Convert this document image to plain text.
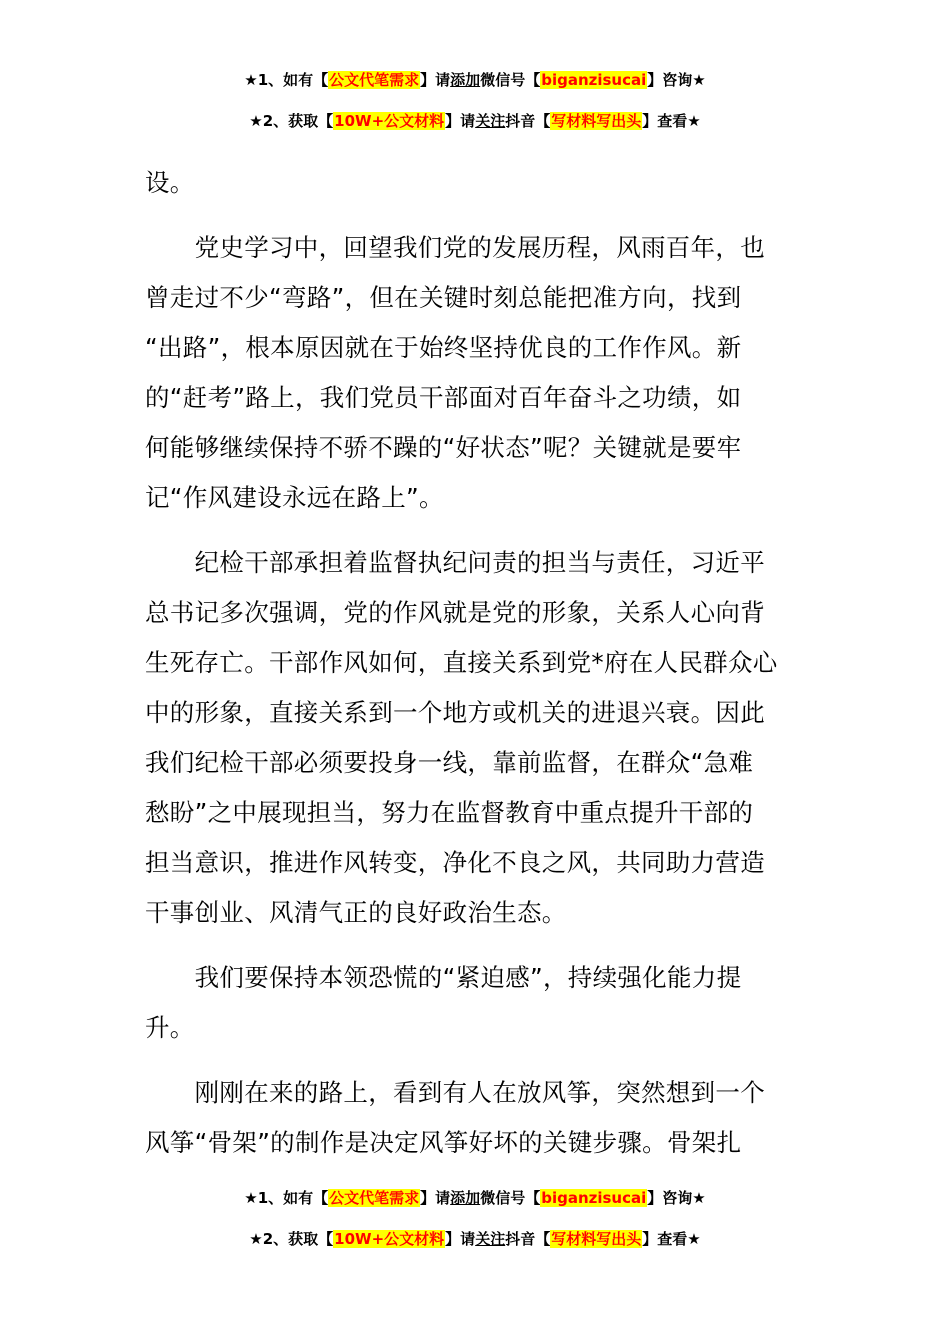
★1、如有【公文代笔需求】请添加微信号【biganzisucai】咨询★
★2、获取【10W+公文材料】请关注抖音【写材料写出头】查看★

设。

　　党史学习中，回望我们党的发展历程，风雨百年，也
曾走过不少“弯路”，但在关键时刻总能把准方向，找到
“出路”，根本原因就在于始终坚持优良的工作作风。新
的“赶考”路上，我们党员干部面对百年奋斗之功绩，如
何能够继续保持不骄不躁的“好状态”呢？关键就是要牢
记“作风建设永远在路上”。

　　纪检干部承担着监督执纪问责的担当与责任，习近平
总书记多次强调，党的作风就是党的形象，关系人心向背
生死存亡。干部作风如何，直接关系到党*府在人民群众心
中的形象，直接关系到一个地方或机关的进退兴衰。因此
我们纪检干部必须要投身一线，靠前监督，在群众“急难
愁盼”之中展现担当，努力在监督教育中重点提升干部的
担当意识，推进作风转变，净化不良之风，共同助力营造
干事创业、风清气正的良好政治生态。

　　我们要保持本领恐慌的“紧迫感”，持续强化能力提
升。

　　刚刚在来的路上，看到有人在放风筝，突然想到一个
风筝“骨架”的制作是决定风筝好坏的关键步骤。骨架扎

★1、如有【公文代笔需求】请添加微信号【biganzisucai】咨询★
★2、获取【10W+公文材料】请关注抖音【写材料写出头】查看★
